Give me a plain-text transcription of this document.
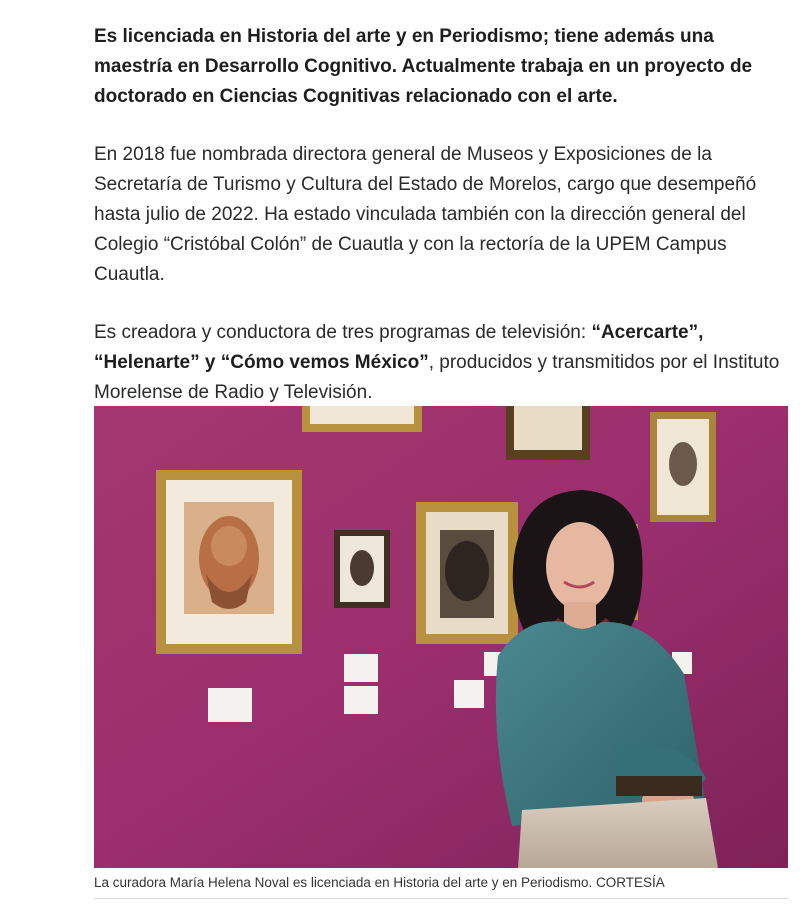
Es licenciada en Historia del arte y en Periodismo; tiene además una maestría en Desarrollo Cognitivo. Actualmente trabaja en un proyecto de doctorado en Ciencias Cognitivas relacionado con el arte.

En 2018 fue nombrada directora general de Museos y Exposiciones de la Secretaría de Turismo y Cultura del Estado de Morelos, cargo que desempeñó hasta julio de 2022. Ha estado vinculada también con la dirección general del Colegio “Cristóbal Colón” de Cuautla y con la rectoría de la UPEM Campus Cuautla.

Es creadora y conductora de tres programas de televisión: “Acercarte”, “Helenarte” y “Cómo vemos México”, producidos y transmitidos por el Instituto Morelense de Radio y Televisión.

La curadora María Helena Noval es licenciada en Historia del arte y en Periodismo. CORTESÍA
